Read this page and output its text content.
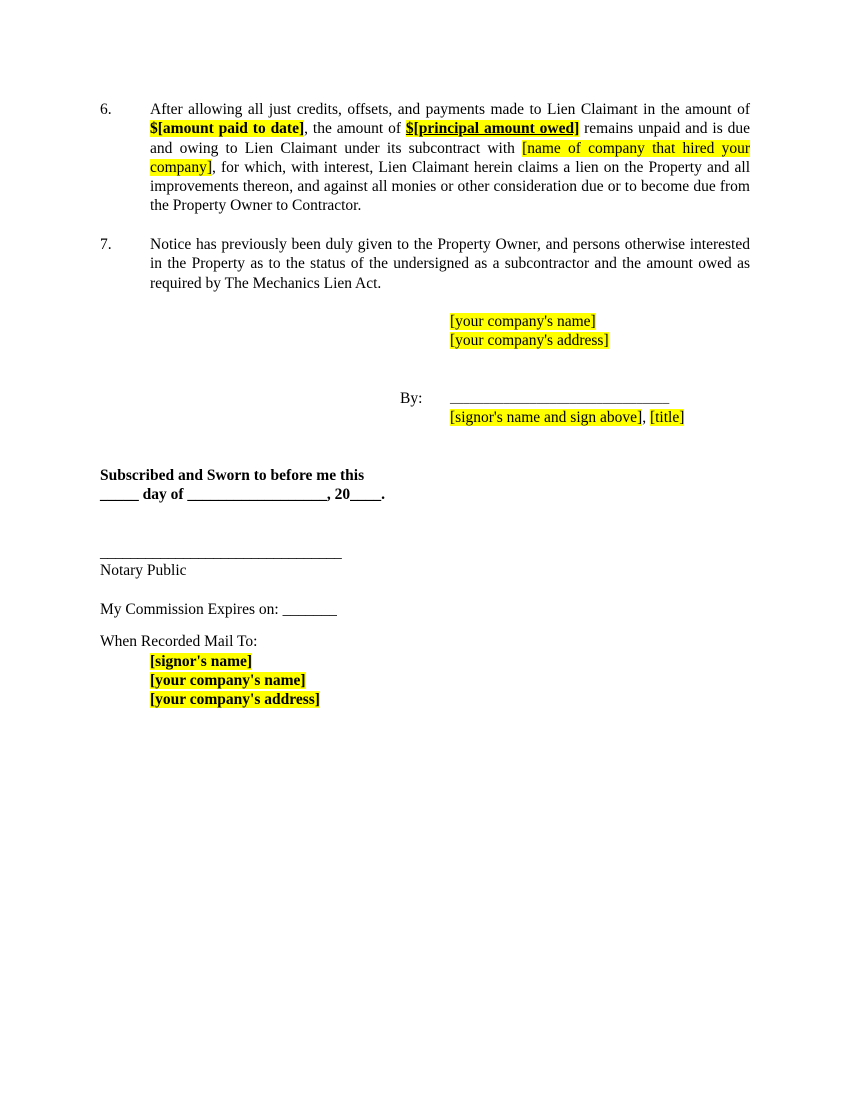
6. After allowing all just credits, offsets, and payments made to Lien Claimant in the amount of $[amount paid to date], the amount of $[principal amount owed] remains unpaid and is due and owing to Lien Claimant under its subcontract with [name of company that hired your company], for which, with interest, Lien Claimant herein claims a lien on the Property and all improvements thereon, and against all monies or other consideration due or to become due from the Property Owner to Contractor.
7. Notice has previously been duly given to the Property Owner, and persons otherwise interested in the Property as to the status of the undersigned as a subcontractor and the amount owed as required by The Mechanics Lien Act.
[your company's name]
[your company's address]
By: _________________________________
[signor's name and sign above], [title]
Subscribed and Sworn to before me this
_____ day of __________________, 20____.
________________________________
Notary Public
My Commission Expires on: _______
When Recorded Mail To:
[signor's name]
[your company's name]
[your company's address]
